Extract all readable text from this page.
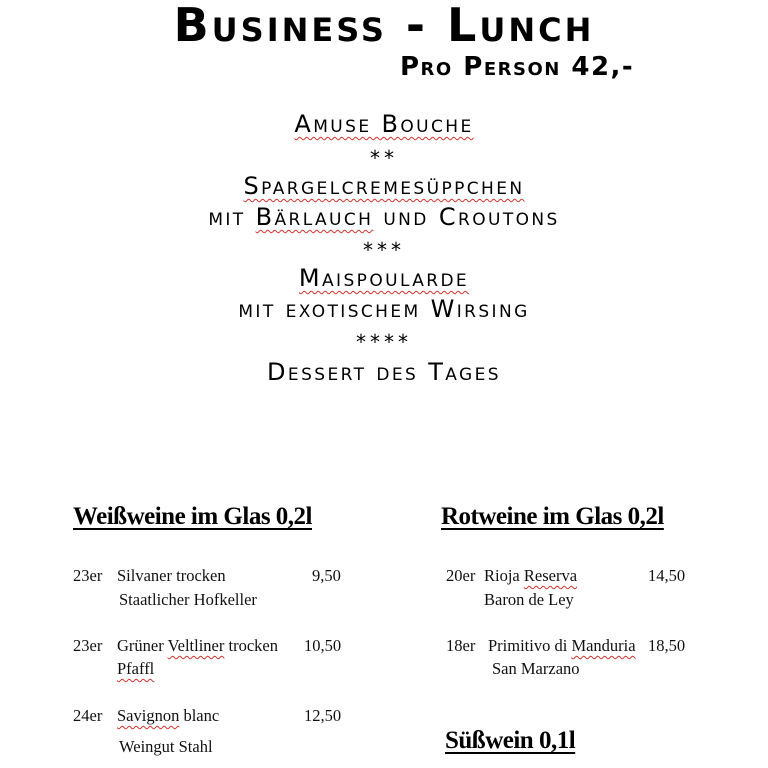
Business - Lunch
Pro Person 42,-
Amuse Bouche
**
Spargelcremesüppchen
mit Bärlauch und Croutons
***
Maispoularde
mit exotischem Wirsing
****
Dessert des Tages
Weißweine im Glas 0,2l
23er Silvaner trocken	9,50
Staatlicher Hofkeller
23er Grüner Veltliner trocken 10,50
Pfaffl
24er Savignon blanc	12,50
Weingut Stahl
Rotweine im Glas 0,2l
20er Rioja Reserva	14,50
Baron de Ley
18er Primitivo di Manduria 18,50
San Marzano
Süßwein 0,1l
